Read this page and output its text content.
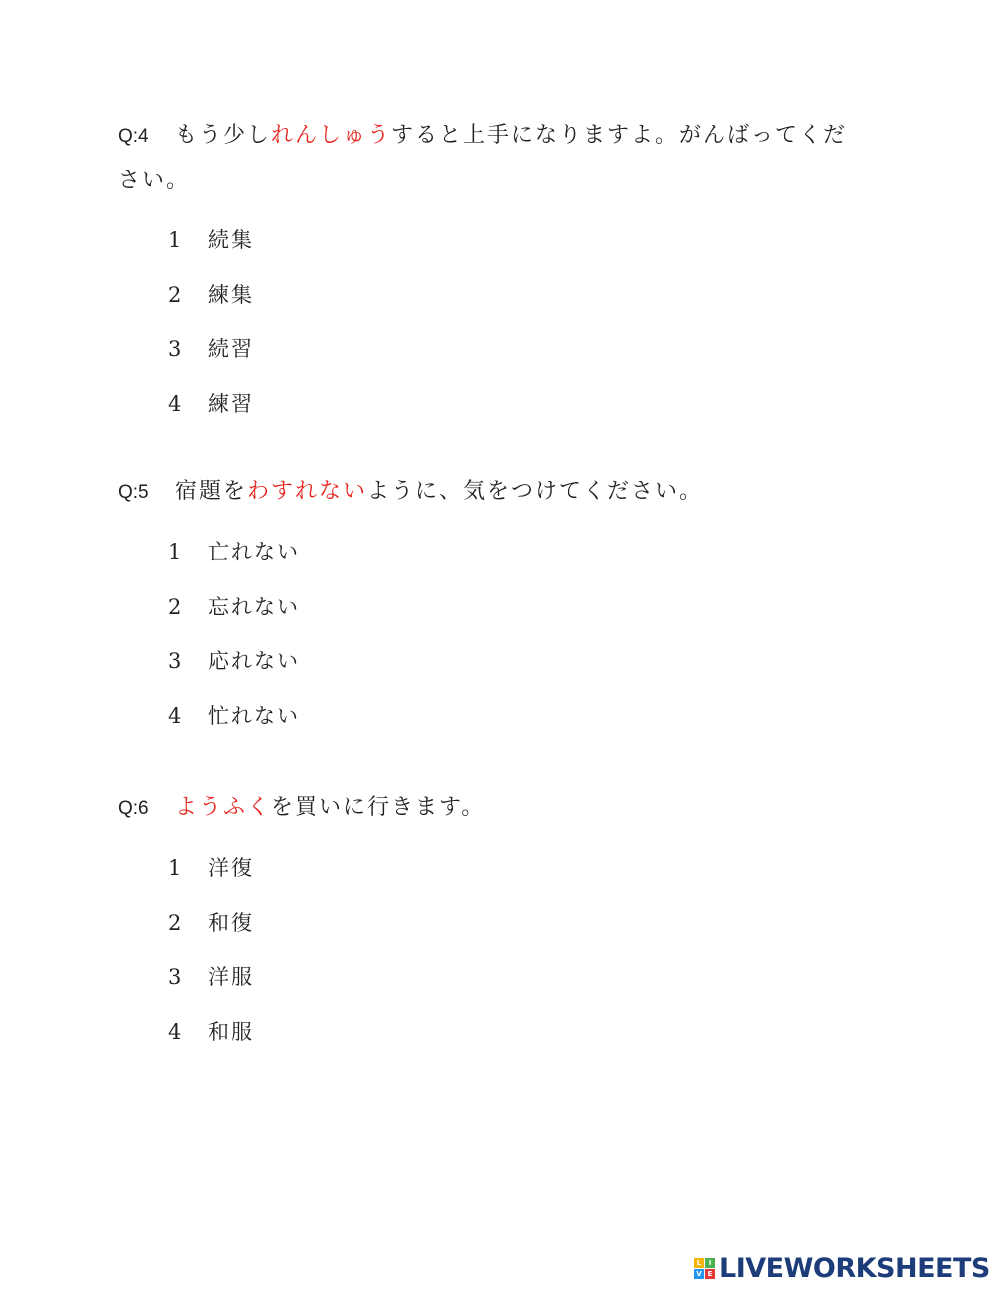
Q:4 もう少しれんしゅうすると上手になりますよ。がんばってください。
1 続集
2 練集
3 続習
4 練習
Q:5 宿題をわすれないように、気をつけてください。
1 亡れない
2 忘れない
3 応れない
4 忙れない
Q:6 ようふくを買いに行きます。
1 洋復
2 和復
3 洋服
4 和服
L	I
V E LIVEWORKSHEETS
